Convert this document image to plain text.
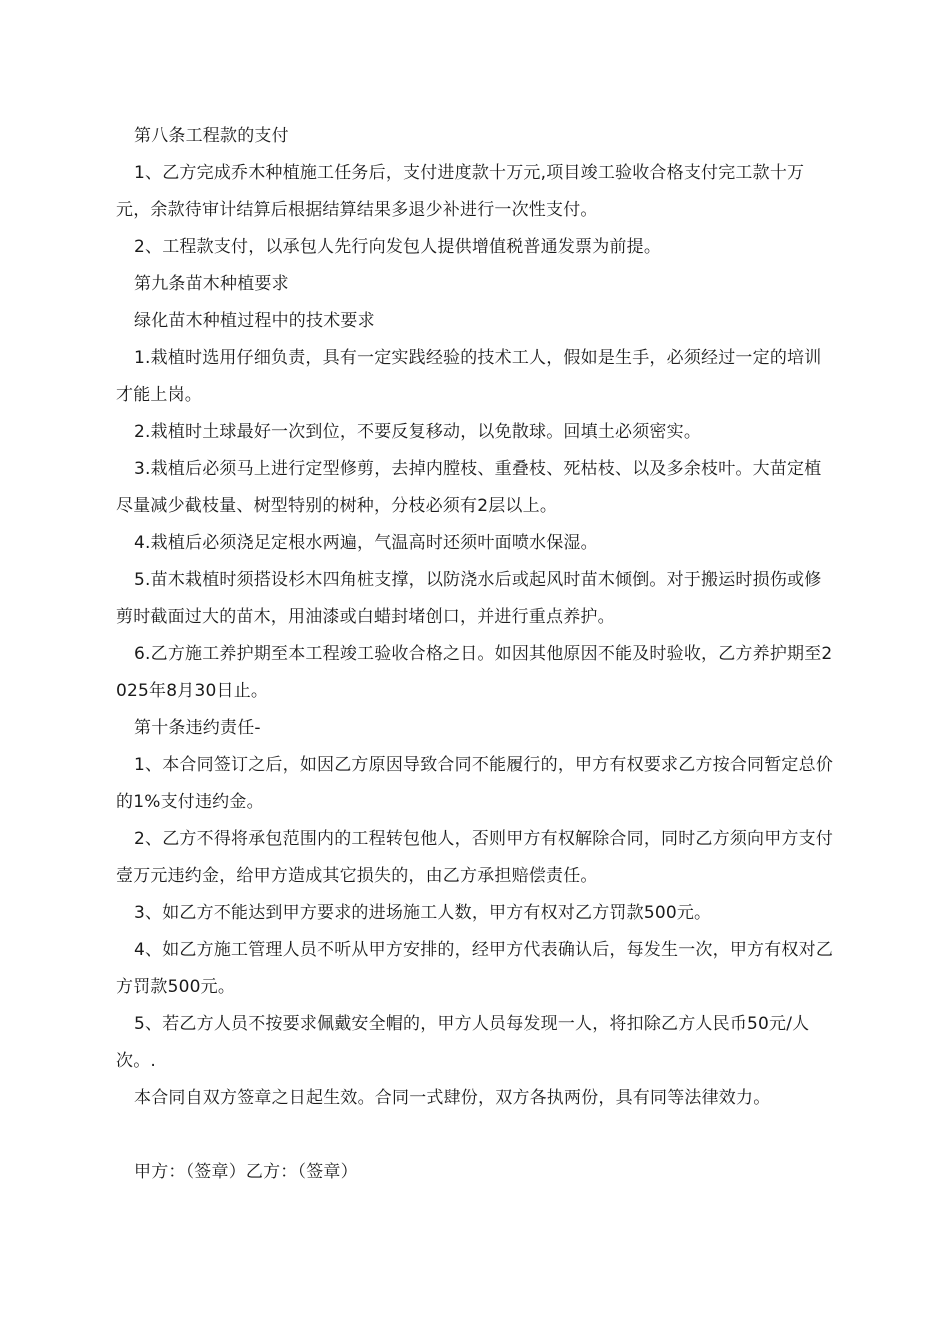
第八条工程款的支付

1、乙方完成乔木种植施工任务后，支付进度款十万元,项目竣工验收合格支付完工款十万元，余款待审计结算后根据结算结果多退少补进行一次性支付。

2、工程款支付，以承包人先行向发包人提供增值税普通发票为前提。

第九条苗木种植要求

绿化苗木种植过程中的技术要求

1.栽植时选用仔细负责，具有一定实践经验的技术工人，假如是生手，必须经过一定的培训才能上岗。

2.栽植时土球最好一次到位，不要反复移动，以免散球。回填土必须密实。

3.栽植后必须马上进行定型修剪，去掉内膛枝、重叠枝、死枯枝、以及多余枝叶。大苗定植尽量减少截枝量、树型特别的树种，分枝必须有2层以上。

4.栽植后必须浇足定根水两遍，气温高时还须叶面喷水保湿。

5.苗木栽植时须搭设杉木四角桩支撑，以防浇水后或起风时苗木倾倒。对于搬运时损伤或修剪时截面过大的苗木，用油漆或白蜡封堵创口，并进行重点养护。

6.乙方施工养护期至本工程竣工验收合格之日。如因其他原因不能及时验收，乙方养护期至2025年8月30日止。

第十条违约责任-

1、本合同签订之后，如因乙方原因导致合同不能履行的，甲方有权要求乙方按合同暂定总价的1%支付违约金。

2、乙方不得将承包范围内的工程转包他人，否则甲方有权解除合同，同时乙方须向甲方支付壹万元违约金，给甲方造成其它损失的，由乙方承担赔偿责任。

3、如乙方不能达到甲方要求的进场施工人数，甲方有权对乙方罚款500元。

4、如乙方施工管理人员不听从甲方安排的，经甲方代表确认后，每发生一次，甲方有权对乙方罚款500元。

5、若乙方人员不按要求佩戴安全帽的，甲方人员每发现一人，将扣除乙方人民币50元/人次。.

本合同自双方签章之日起生效。合同一式肆份，双方各执两份，具有同等法律效力。

甲方：（签章）乙方：（签章）
